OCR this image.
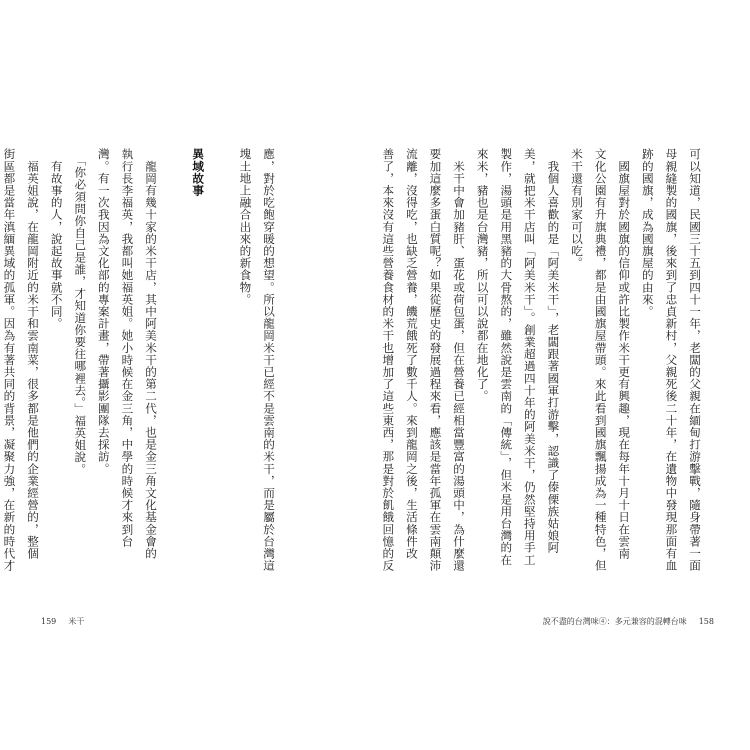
可以知道，民國三十五到四十一年，老闆的父親在緬甸打游擊戰，隨身帶著一面
母親縫製的國旗，後來到了忠貞新村，父親死後二十年，在遺物中發現那面有血
跡的國旗，成為國旗屋的由來。
　國旗屋對於國旗的信仰或許比製作米干更有興趣，現在每年十月十日在雲南
文化公園有升旗典禮，都是由國旗屋帶頭。來此看到國旗飄揚成為一種特色，但
米干還有別家可以吃。
　我個人喜歡的是「阿美米干」，老闆跟著國軍打游擊，認識了傣傈族姑娘阿
美，就把米干店叫「阿美米干」。創業超過四十年的阿美米干，仍然堅持用手工
製作，湯頭是用黑豬的大骨熬的，雖然說是雲南的「傳統」，但米是用台灣的在
來米，豬也是台灣豬，所以可以說都在地化了。
　米干中會加豬肝、蛋花或荷包蛋，但在營養已經相當豐富的湯頭中，為什麼還
要加這麼多蛋白質呢？如果從歷史的發展過程來看，應該是當年孤軍在雲南顛沛
流離，沒得吃，也缺乏營養，饑荒餓死了數千人。來到龍岡之後，生活條件改
善了，本來沒有這些營養食材的米干也增加了這些東西，那是對於飢餓回憶的反
說不盡的台灣味④：多元兼容的混轉台味 158
應，對於吃飽穿暖的想望。所以龍岡米干已經不是雲南的米干，而是屬於台灣這
塊土地上融合出來的新食物。

異域故事

　龍岡有幾十家的米干店，其中阿美米干的第二代，也是金三角文化基金會的
執行長李福英，我都叫她福英姐。她小時候在金三角，中學的時候才來到台
灣。有一次我因為文化部的專案計畫，帶著攝影團隊去採訪。
　「你必須問你自己是誰，才知道你要往哪裡去。」福英姐說。
　有故事的人，說起故事就不同。
　福英姐說，在龍岡附近的米干和雲南菜，很多都是他們的企業經營的，整個
街區都是當年滇緬異域的孤軍。因為有著共同的背景，凝聚力強，在新的時代才
159 米干
